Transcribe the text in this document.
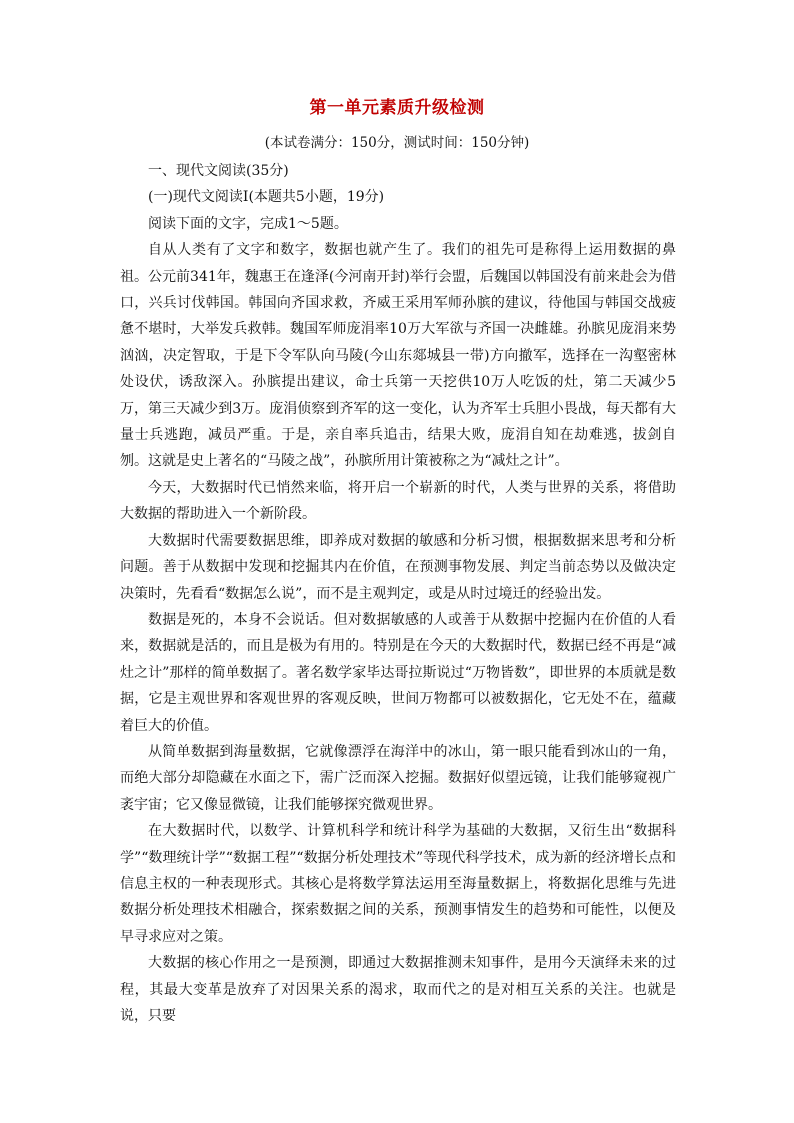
第一单元素质升级检测
(本试卷满分：150分，测试时间：150分钟)

一、现代文阅读(35分)

(一)现代文阅读Ⅰ(本题共5小题，19分)

阅读下面的文字，完成1～5题。

自从人类有了文字和数字，数据也就产生了。我们的祖先可是称得上运用数据的鼻祖。公元前341年，魏惠王在逢泽(今河南开封)举行会盟，后魏国以韩国没有前来赴会为借口，兴兵讨伐韩国。韩国向齐国求救，齐威王采用军师孙膑的建议，待他国与韩国交战疲惫不堪时，大举发兵救韩。魏国军师庞涓率10万大军欲与齐国一决雌雄。孙膑见庞涓来势汹汹，决定智取，于是下令军队向马陵(今山东郯城县一带)方向撤军，选择在一沟壑密林处设伏，诱敌深入。孙膑提出建议，命士兵第一天挖供10万人吃饭的灶，第二天减少5万，第三天减少到3万。庞涓侦察到齐军的这一变化，认为齐军士兵胆小畏战，每天都有大量士兵逃跑，减员严重。于是，亲自率兵追击，结果大败，庞涓自知在劫难逃，拔剑自刎。这就是史上著名的“马陵之战”，孙膑所用计策被称之为“减灶之计”。

今天，大数据时代已悄然来临，将开启一个崭新的时代，人类与世界的关系，将借助大数据的帮助进入一个新阶段。

大数据时代需要数据思维，即养成对数据的敏感和分析习惯，根据数据来思考和分析问题。善于从数据中发现和挖掘其内在价值，在预测事物发展、判定当前态势以及做决定决策时，先看看“数据怎么说”，而不是主观判定，或是从时过境迁的经验出发。

数据是死的，本身不会说话。但对数据敏感的人或善于从数据中挖掘内在价值的人看来，数据就是活的，而且是极为有用的。特别是在今天的大数据时代，数据已经不再是“减灶之计”那样的简单数据了。著名数学家毕达哥拉斯说过“万物皆数”，即世界的本质就是数据，它是主观世界和客观世界的客观反映，世间万物都可以被数据化，它无处不在，蕴藏着巨大的价值。

从简单数据到海量数据，它就像漂浮在海洋中的冰山，第一眼只能看到冰山的一角，而绝大部分却隐藏在水面之下，需广泛而深入挖掘。数据好似望远镜，让我们能够窥视广袤宇宙；它又像显微镜，让我们能够探究微观世界。

在大数据时代，以数学、计算机科学和统计科学为基础的大数据，又衍生出“数据科学”“数理统计学”“数据工程”“数据分析处理技术”等现代科学技术，成为新的经济增长点和信息主权的一种表现形式。其核心是将数学算法运用至海量数据上，将数据化思维与先进数据分析处理技术相融合，探索数据之间的关系，预测事情发生的趋势和可能性，以便及早寻求应对之策。

大数据的核心作用之一是预测，即通过大数据推测未知事件，是用今天演绎未来的过程，其最大变革是放弃了对因果关系的渴求，取而代之的是对相互关系的关注。也就是说，只要
